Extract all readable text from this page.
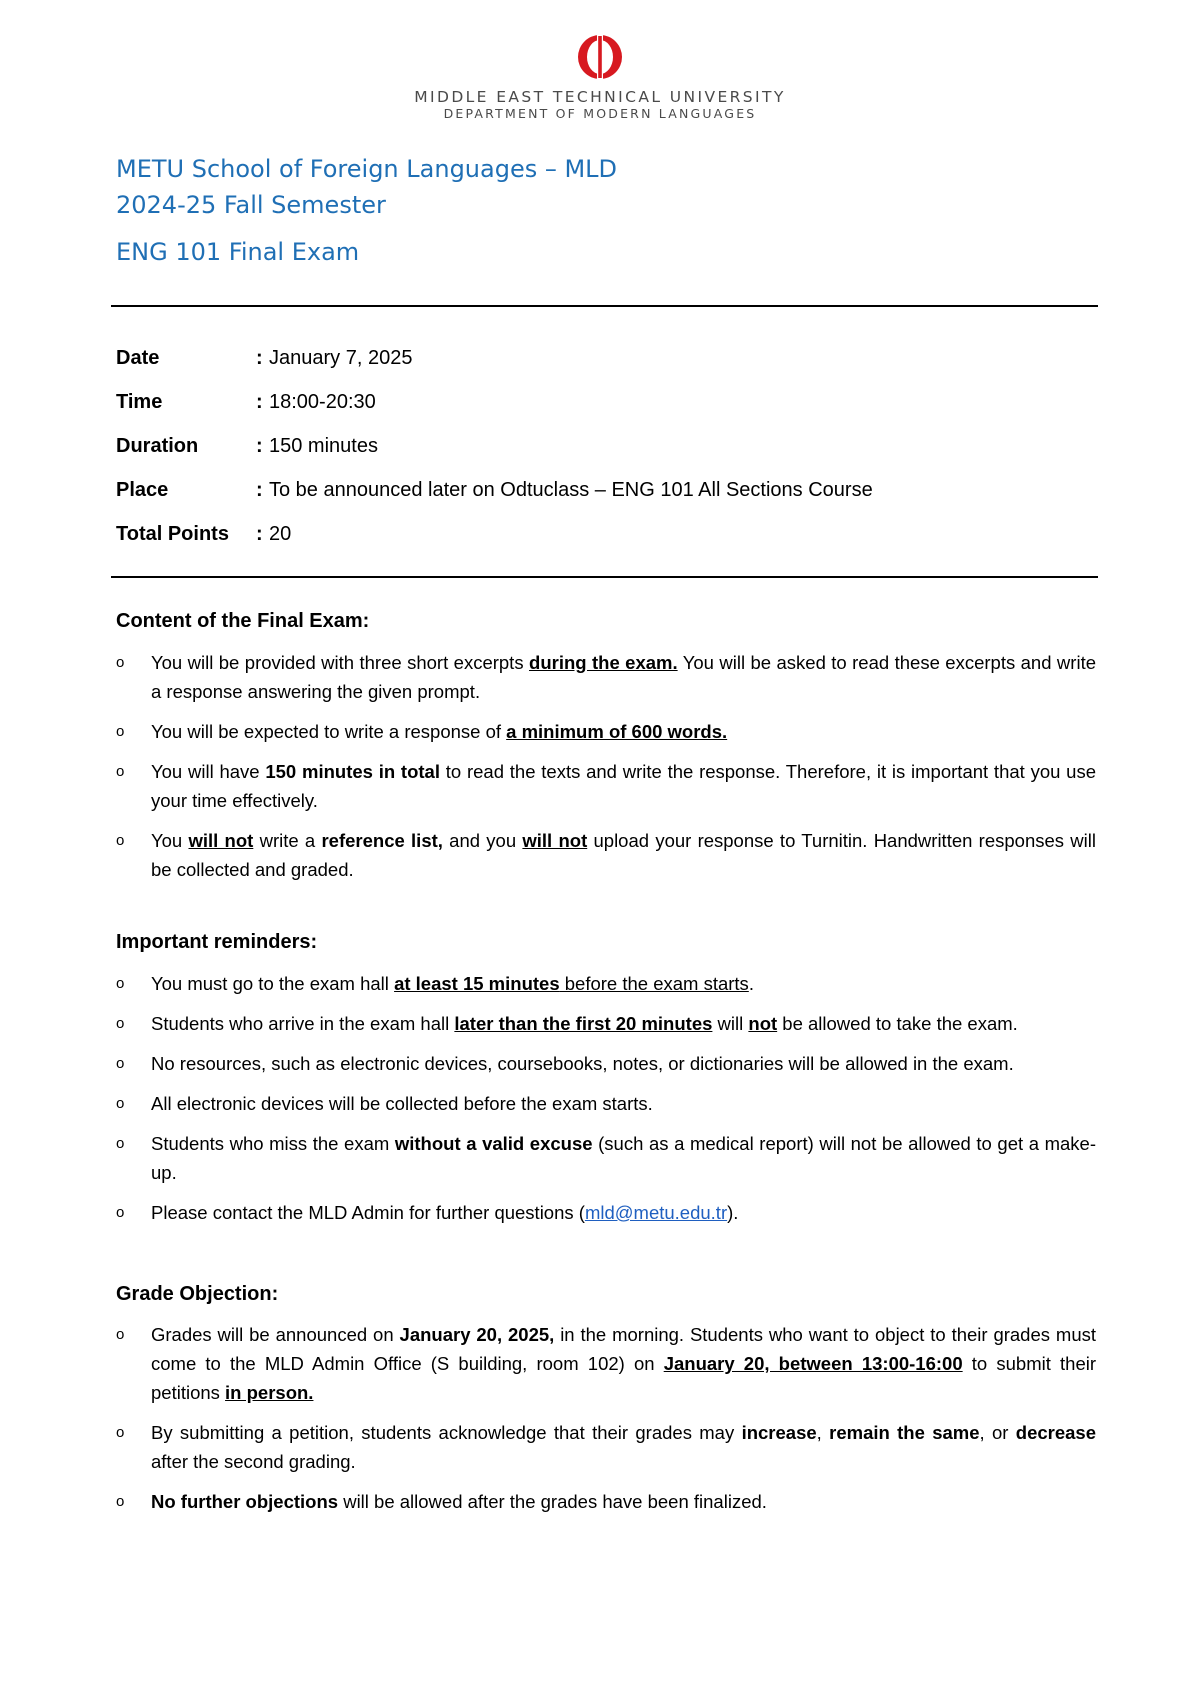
MIDDLE EAST TECHNICAL UNIVERSITY
DEPARTMENT OF MODERN LANGUAGES
METU School of Foreign Languages – MLD
2024-25 Fall Semester
ENG 101 Final Exam
Date	: January 7, 2025
Time	: 18:00-20:30
Duration	: 150 minutes
Place	: To be announced later on Odtuclass – ENG 101 All Sections Course
Total Points	: 20
Content of the Final Exam:
o You will be provided with three short excerpts during the exam. You will be asked to read these excerpts and write a response answering the given prompt.
o You will be expected to write a response of a minimum of 600 words.
o You will have 150 minutes in total to read the texts and write the response. Therefore, it is important that you use your time effectively.
o You will not write a reference list, and you will not upload your response to Turnitin. Handwritten responses will be collected and graded.
Important reminders:
o You must go to the exam hall at least 15 minutes before the exam starts.
o Students who arrive in the exam hall later than the first 20 minutes will not be allowed to take the exam.
o No resources, such as electronic devices, coursebooks, notes, or dictionaries will be allowed in the exam.
o All electronic devices will be collected before the exam starts.
o Students who miss the exam without a valid excuse (such as a medical report) will not be allowed to get a make-up.
o Please contact the MLD Admin for further questions (mld@metu.edu.tr).
Grade Objection:
o Grades will be announced on January 20, 2025, in the morning. Students who want to object to their grades must come to the MLD Admin Office (S building, room 102) on January 20, between 13:00-16:00 to submit their petitions in person.
o By submitting a petition, students acknowledge that their grades may increase, remain the same, or decrease after the second grading.
o No further objections will be allowed after the grades have been finalized.
